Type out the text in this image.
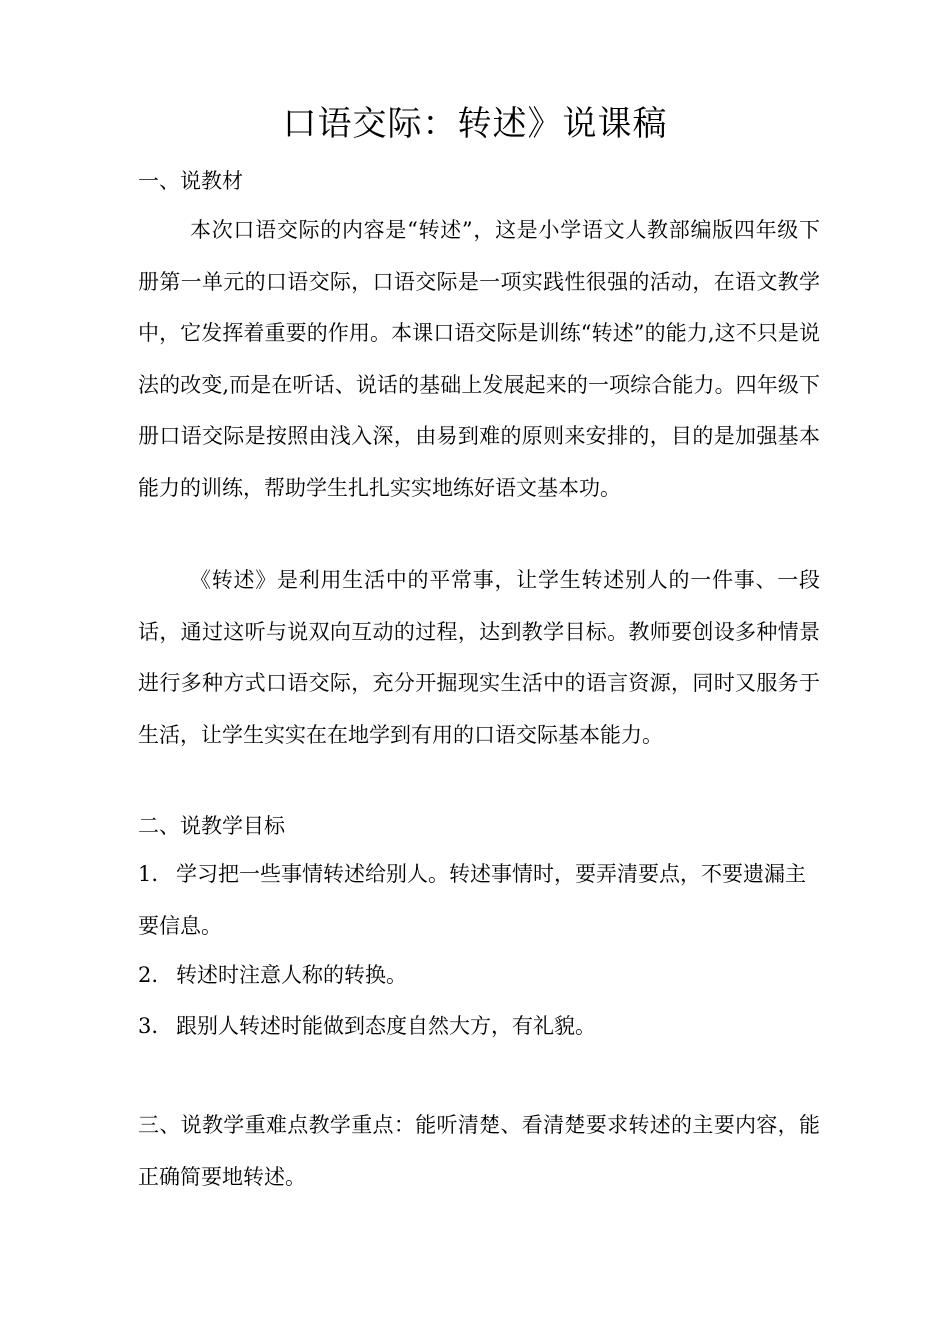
口语交际：转述》说课稿

一、说教材

本次口语交际的内容是“转述”，这是小学语文人教部编版四年级下册第一单元的口语交际，口语交际是一项实践性很强的活动，在语文教学中，它发挥着重要的作用。本课口语交际是训练“转述”的能力,这不只是说法的改变,而是在听话、说话的基础上发展起来的一项综合能力。四年级下册口语交际是按照由浅入深，由易到难的原则来安排的，目的是加强基本能力的训练，帮助学生扎扎实实地练好语文基本功。

《转述》是利用生活中的平常事，让学生转述别人的一件事、一段话，通过这听与说双向互动的过程，达到教学目标。教师要创设多种情景进行多种方式口语交际，充分开掘现实生活中的语言资源，同时又服务于生活，让学生实实在在地学到有用的口语交际基本能力。

二、说教学目标

1. 学习把一些事情转述给别人。转述事情时，要弄清要点，不要遗漏主要信息。

2. 转述时注意人称的转换。

3. 跟别人转述时能做到态度自然大方，有礼貌。

三、说教学重难点教学重点：能听清楚、看清楚要求转述的主要内容，能正确简要地转述。
